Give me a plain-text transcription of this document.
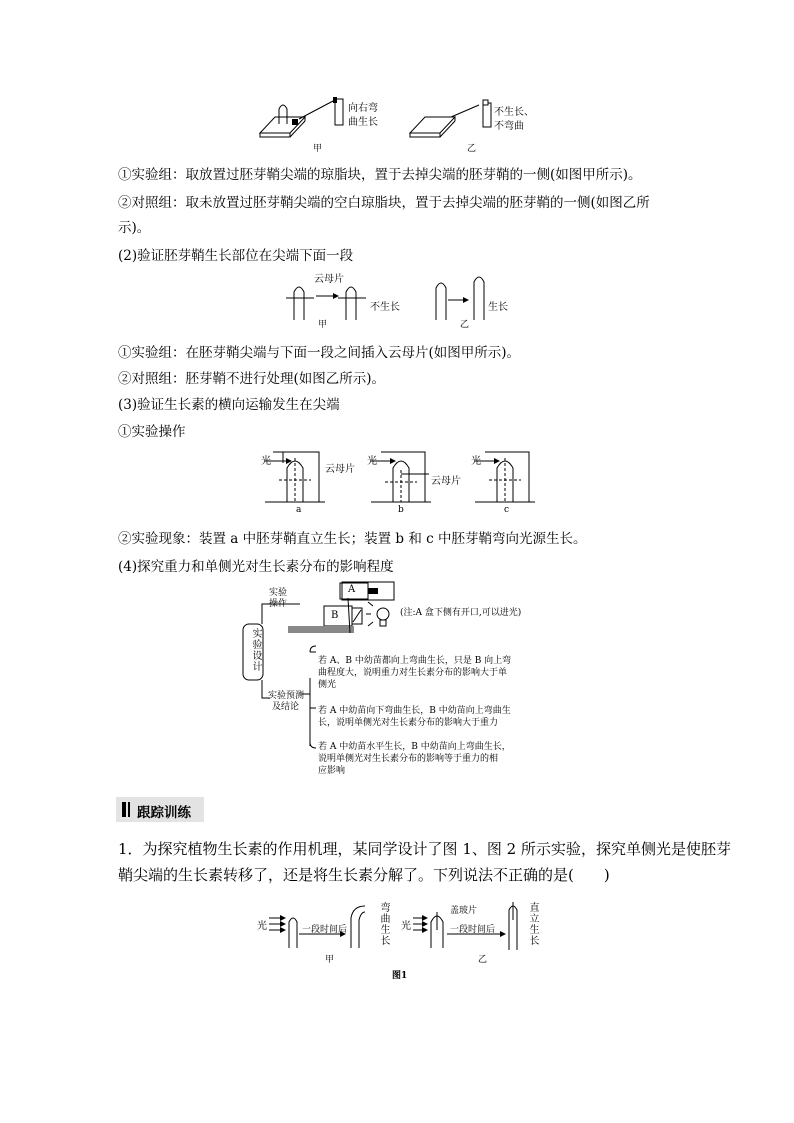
向右弯
曲生长
不生长、
不弯曲
甲	乙
①实验组：取放置过胚芽鞘尖端的琼脂块，置于去掉尖端的胚芽鞘的一侧(如图甲所示)。
②对照组：取未放置过胚芽鞘尖端的空白琼脂块，置于去掉尖端的胚芽鞘的一侧(如图乙所
示)。
(2)验证胚芽鞘生长部位在尖端下面一段
云母片
不生长	生长
甲	乙
①实验组：在胚芽鞘尖端与下面一段之间插入云母片(如图甲所示)。
②对照组：胚芽鞘不进行处理(如图乙所示)。
(3)验证生长素的横向运输发生在尖端
①实验操作
光
云母片
光
云母片
光
a	b	c
②实验现象：装置 a 中胚芽鞘直立生长；装置 b 和 c 中胚芽鞘弯向光源生长。
(4)探究重力和单侧光对生长素分布的影响程度
实验
操作
A
B	(注:A 盒下侧有开口,可以进光)
实验设计
实验预测
及结论
若 A、B 中幼苗都向上弯曲生长，只是 B 向上弯
曲程度大，说明重力对生长素分布的影响大于单
侧光
若 A 中幼苗向下弯曲生长，B 中幼苗向上弯曲生
长，说明单侧光对生长素分布的影响大于重力
若 A 中幼苗水平生长，B 中幼苗向上弯曲生长，
说明单侧光对生长素分布的影响等于重力的相
应影响
跟踪训练
1．为探究植物生长素的作用机理，某同学设计了图 1、图 2 所示实验，探究单侧光是使胚芽
鞘尖端的生长素转移了，还是将生长素分解了。下列说法不正确的是(　　)
光	一段时间后	弯曲生长 光
盖玻片
一段时间后	直立生长
甲	乙
图1
